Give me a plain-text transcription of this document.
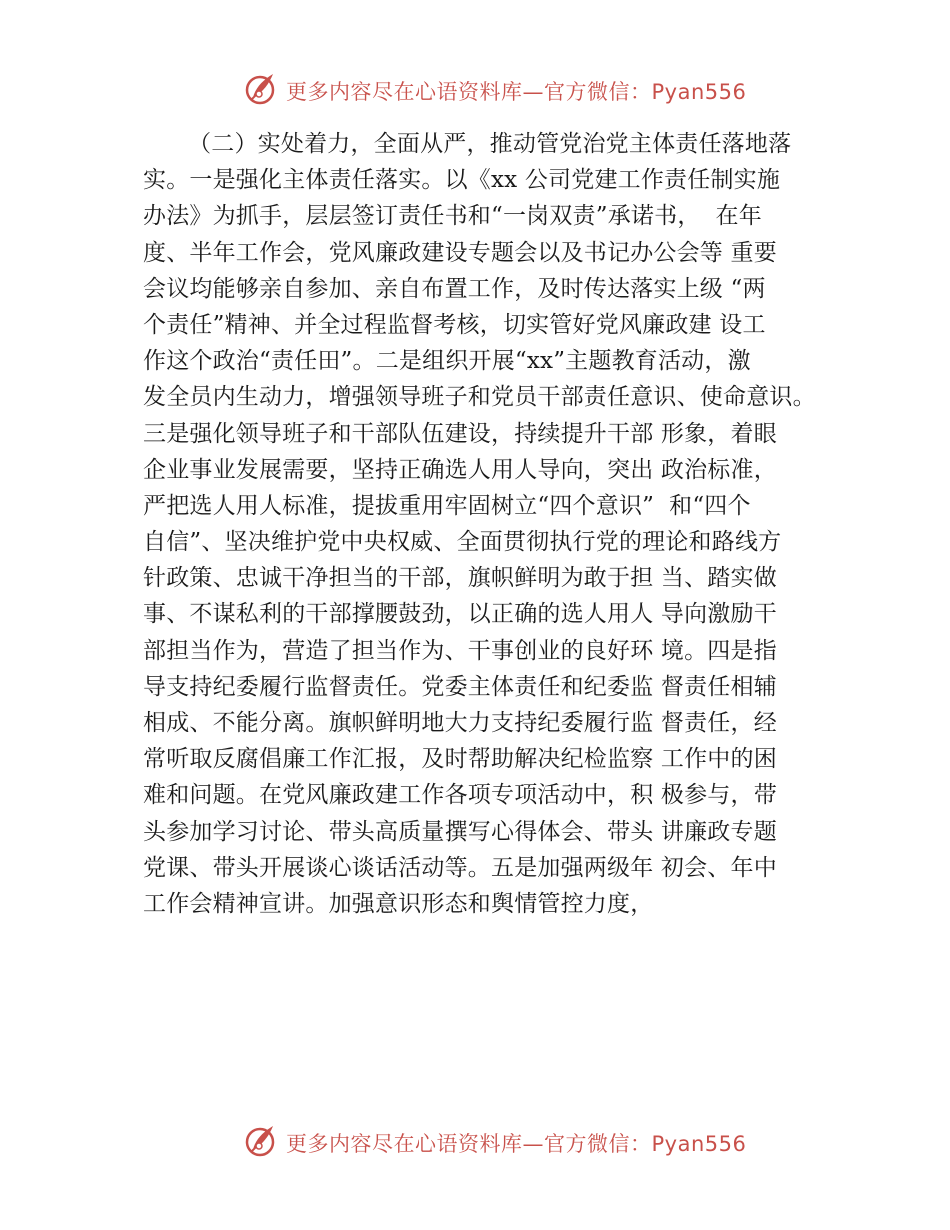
更多内容尽在心语资料库—官方微信：Pyan556
（二）实处着力，全面从严，推动管党治党主体责任落地落
实。一是强化主体责任落实。以《xx 公司党建工作责任制实施
办法》为抓手，层层签订责任书和“一岗双责”承诺书，  在年
度、半年工作会，党风廉政建设专题会以及书记办公会等 重要
会议均能够亲自参加、亲自布置工作，及时传达落实上级 “两
个责任”精神、并全过程监督考核，切实管好党风廉政建 设工
作这个政治“责任田”。二是组织开展“xx”主题教育活动，激
发全员内生动力，增强领导班子和党员干部责任意识、使命意识。
三是强化领导班子和干部队伍建设，持续提升干部 形象，着眼
企业事业发展需要，坚持正确选人用人导向，突出 政治标准，
严把选人用人标准，提拔重用牢固树立“四个意识”  和“四个
自信”、坚决维护党中央权威、全面贯彻执行党的理论和路线方
针政策、忠诚干净担当的干部，旗帜鲜明为敢于担 当、踏实做
事、不谋私利的干部撑腰鼓劲，以正确的选人用人 导向激励干
部担当作为，营造了担当作为、干事创业的良好环 境。四是指
导支持纪委履行监督责任。党委主体责任和纪委监 督责任相辅
相成、不能分离。旗帜鲜明地大力支持纪委履行监 督责任，经
常听取反腐倡廉工作汇报，及时帮助解决纪检监察 工作中的困
难和问题。在党风廉政建工作各项专项活动中，积 极参与，带
头参加学习讨论、带头高质量撰写心得体会、带头 讲廉政专题
党课、带头开展谈心谈话活动等。五是加强两级年 初会、年中
工作会精神宣讲。加强意识形态和舆情管控力度，
更多内容尽在心语资料库—官方微信：Pyan556
